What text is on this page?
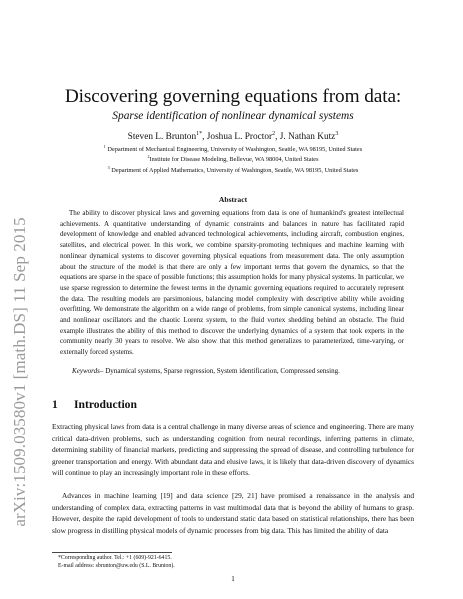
arXiv:1509.03580v1 [math.DS] 11 Sep 2015
Discovering governing equations from data:
Sparse identification of nonlinear dynamical systems
Steven L. Brunton$^{1*}$, Joshua L. Proctor$^2$, J. Nathan Kutz$^3$
$^1$ Department of Mechanical Engineering, University of Washington, Seattle, WA 98195, United States
$^2$Institute for Disease Modeling, Bellevue, WA 98004, United States
$^3$ Department of Applied Mathematics, University of Washington, Seattle, WA 98195, United States
Abstract
The ability to discover physical laws and governing equations from data is one of humankind's greatest intellectual achievements. A quantitative understanding of dynamic constraints and balances in nature has facilitated rapid development of knowledge and enabled advanced technological achievements, including aircraft, combustion engines, satellites, and electrical power. In this work, we combine sparsity-promoting techniques and machine learning with nonlinear dynamical systems to discover governing physical equations from measurement data. The only assumption about the structure of the model is that there are only a few important terms that govern the dynamics, so that the equations are sparse in the space of possible functions; this assumption holds for many physical systems. In particular, we use sparse regression to determine the fewest terms in the dynamic governing equations required to accurately represent the data. The resulting models are parsimonious, balancing model complexity with descriptive ability while avoiding overfitting. We demonstrate the algorithm on a wide range of problems, from simple canonical systems, including linear and nonlinear oscillators and the chaotic Lorenz system, to the fluid vortex shedding behind an obstacle. The fluid example illustrates the ability of this method to discover the underlying dynamics of a system that took experts in the community nearly 30 years to resolve. We also show that this method generalizes to parameterized, time-varying, or externally forced systems.
Keywords– Dynamical systems, Sparse regression, System identification, Compressed sensing.
1 Introduction
Extracting physical laws from data is a central challenge in many diverse areas of science and engineering. There are many critical data-driven problems, such as understanding cognition from neural recordings, inferring patterns in climate, determining stability of financial markets, predicting and suppressing the spread of disease, and controlling turbulence for greener transportation and energy. With abundant data and elusive laws, it is likely that data-driven discovery of dynamics will continue to play an increasingly important role in these efforts.
Advances in machine learning [19] and data science [29, 21] have promised a renaissance in the analysis and understanding of complex data, extracting patterns in vast multimodal data that is beyond the ability of humans to grasp. However, despite the rapid development of tools to understand static data based on statistical relationships, there has been slow progress in distilling physical models of dynamic processes from big data. This has limited the ability of data
*Corresponding author. Tel.: +1 (609)-921-6415.
E-mail address: sbrunton@uw.edu (S.L. Brunton).
1
